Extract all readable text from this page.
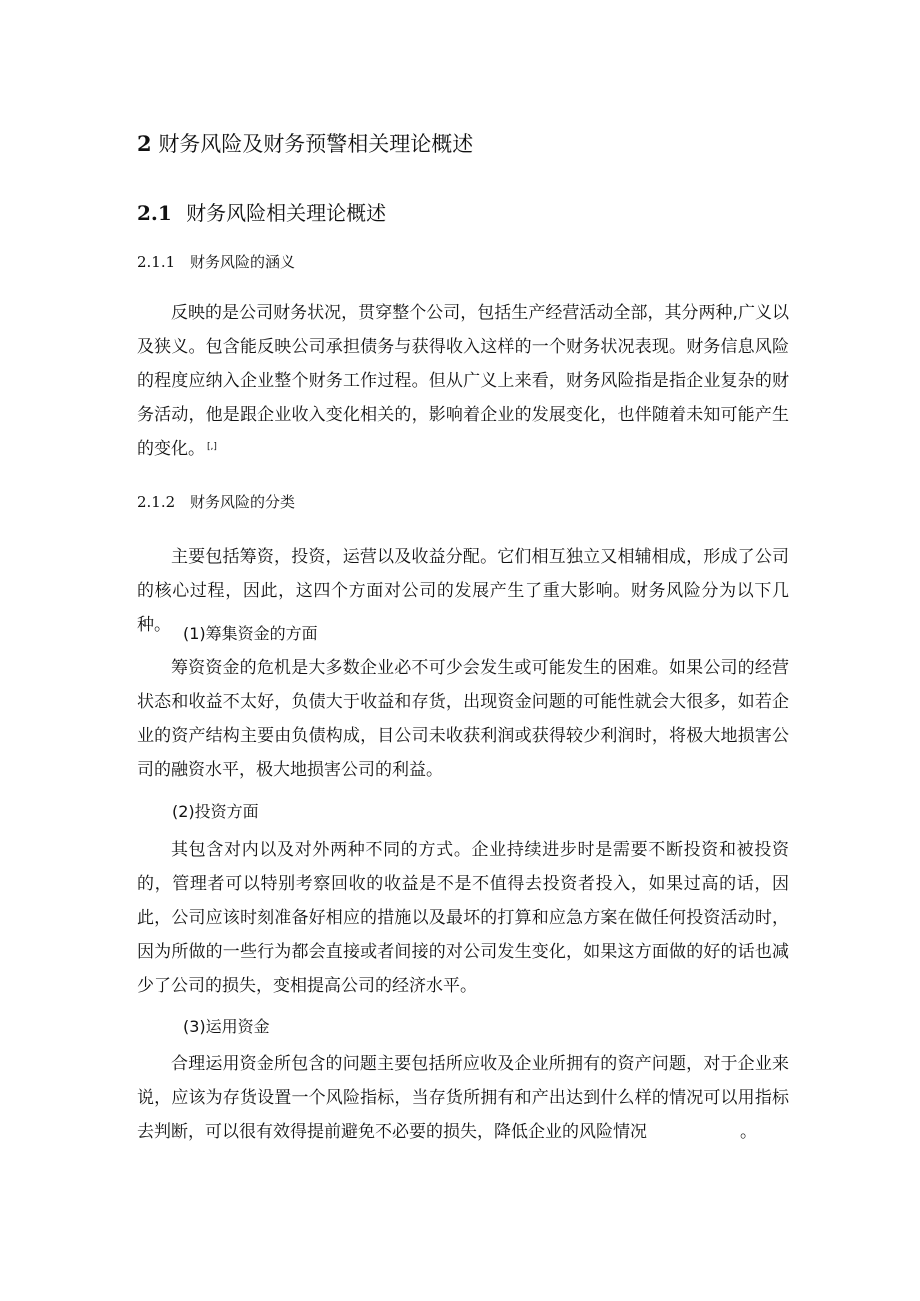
2 财务风险及财务预警相关理论概述
2.1 财务风险相关理论概述
2.1.1 财务风险的涵义

反映的是公司财务状况，贯穿整个公司，包括生产经营活动全部，其分两种,广义以及狭义。包含能反映公司承担债务与获得收入这样的一个财务状况表现。财务信息风险的程度应纳入企业整个财务工作过程。但从广义上来看，财务风险指是指企业复杂的财务活动，他是跟企业收入变化相关的，影响着企业的发展变化，也伴随着未知可能产生的变化。 [,]

2.1.2 财务风险的分类

主要包括筹资，投资，运营以及收益分配。它们相互独立又相辅相成，形成了公司的核心过程，因此，这四个方面对公司的发展产生了重大影响。财务风险分为以下几种。 (1)筹集资金的方面

筹资资金的危机是大多数企业必不可少会发生或可能发生的困难。如果公司的经营状态和收益不太好，负债大于收益和存货，出现资金问题的可能性就会大很多，如若企业的资产结构主要由负债构成，目公司未收获利润或获得较少利润时，将极大地损害公司的融资水平，极大地损害公司的利益。

(2)投资方面

其包含对内以及对外两种不同的方式。企业持续进步时是需要不断投资和被投资的，管理者可以特别考察回收的收益是不是不值得去投资者投入，如果过高的话，因此，公司应该时刻准备好相应的措施以及最坏的打算和应急方案在做任何投资活动时，因为所做的一些行为都会直接或者间接的对公司发生变化，如果这方面做的好的话也减少了公司的损失，变相提高公司的经济水平。

(3)运用资金

合理运用资金所包含的问题主要包括所应收及企业所拥有的资产问题，对于企业来说，应该为存货设置一个风险指标，当存货所拥有和产出达到什么样的情况可以用指标去判断，可以很有效得提前避免不必要的损失，降低企业的风险情况	。
